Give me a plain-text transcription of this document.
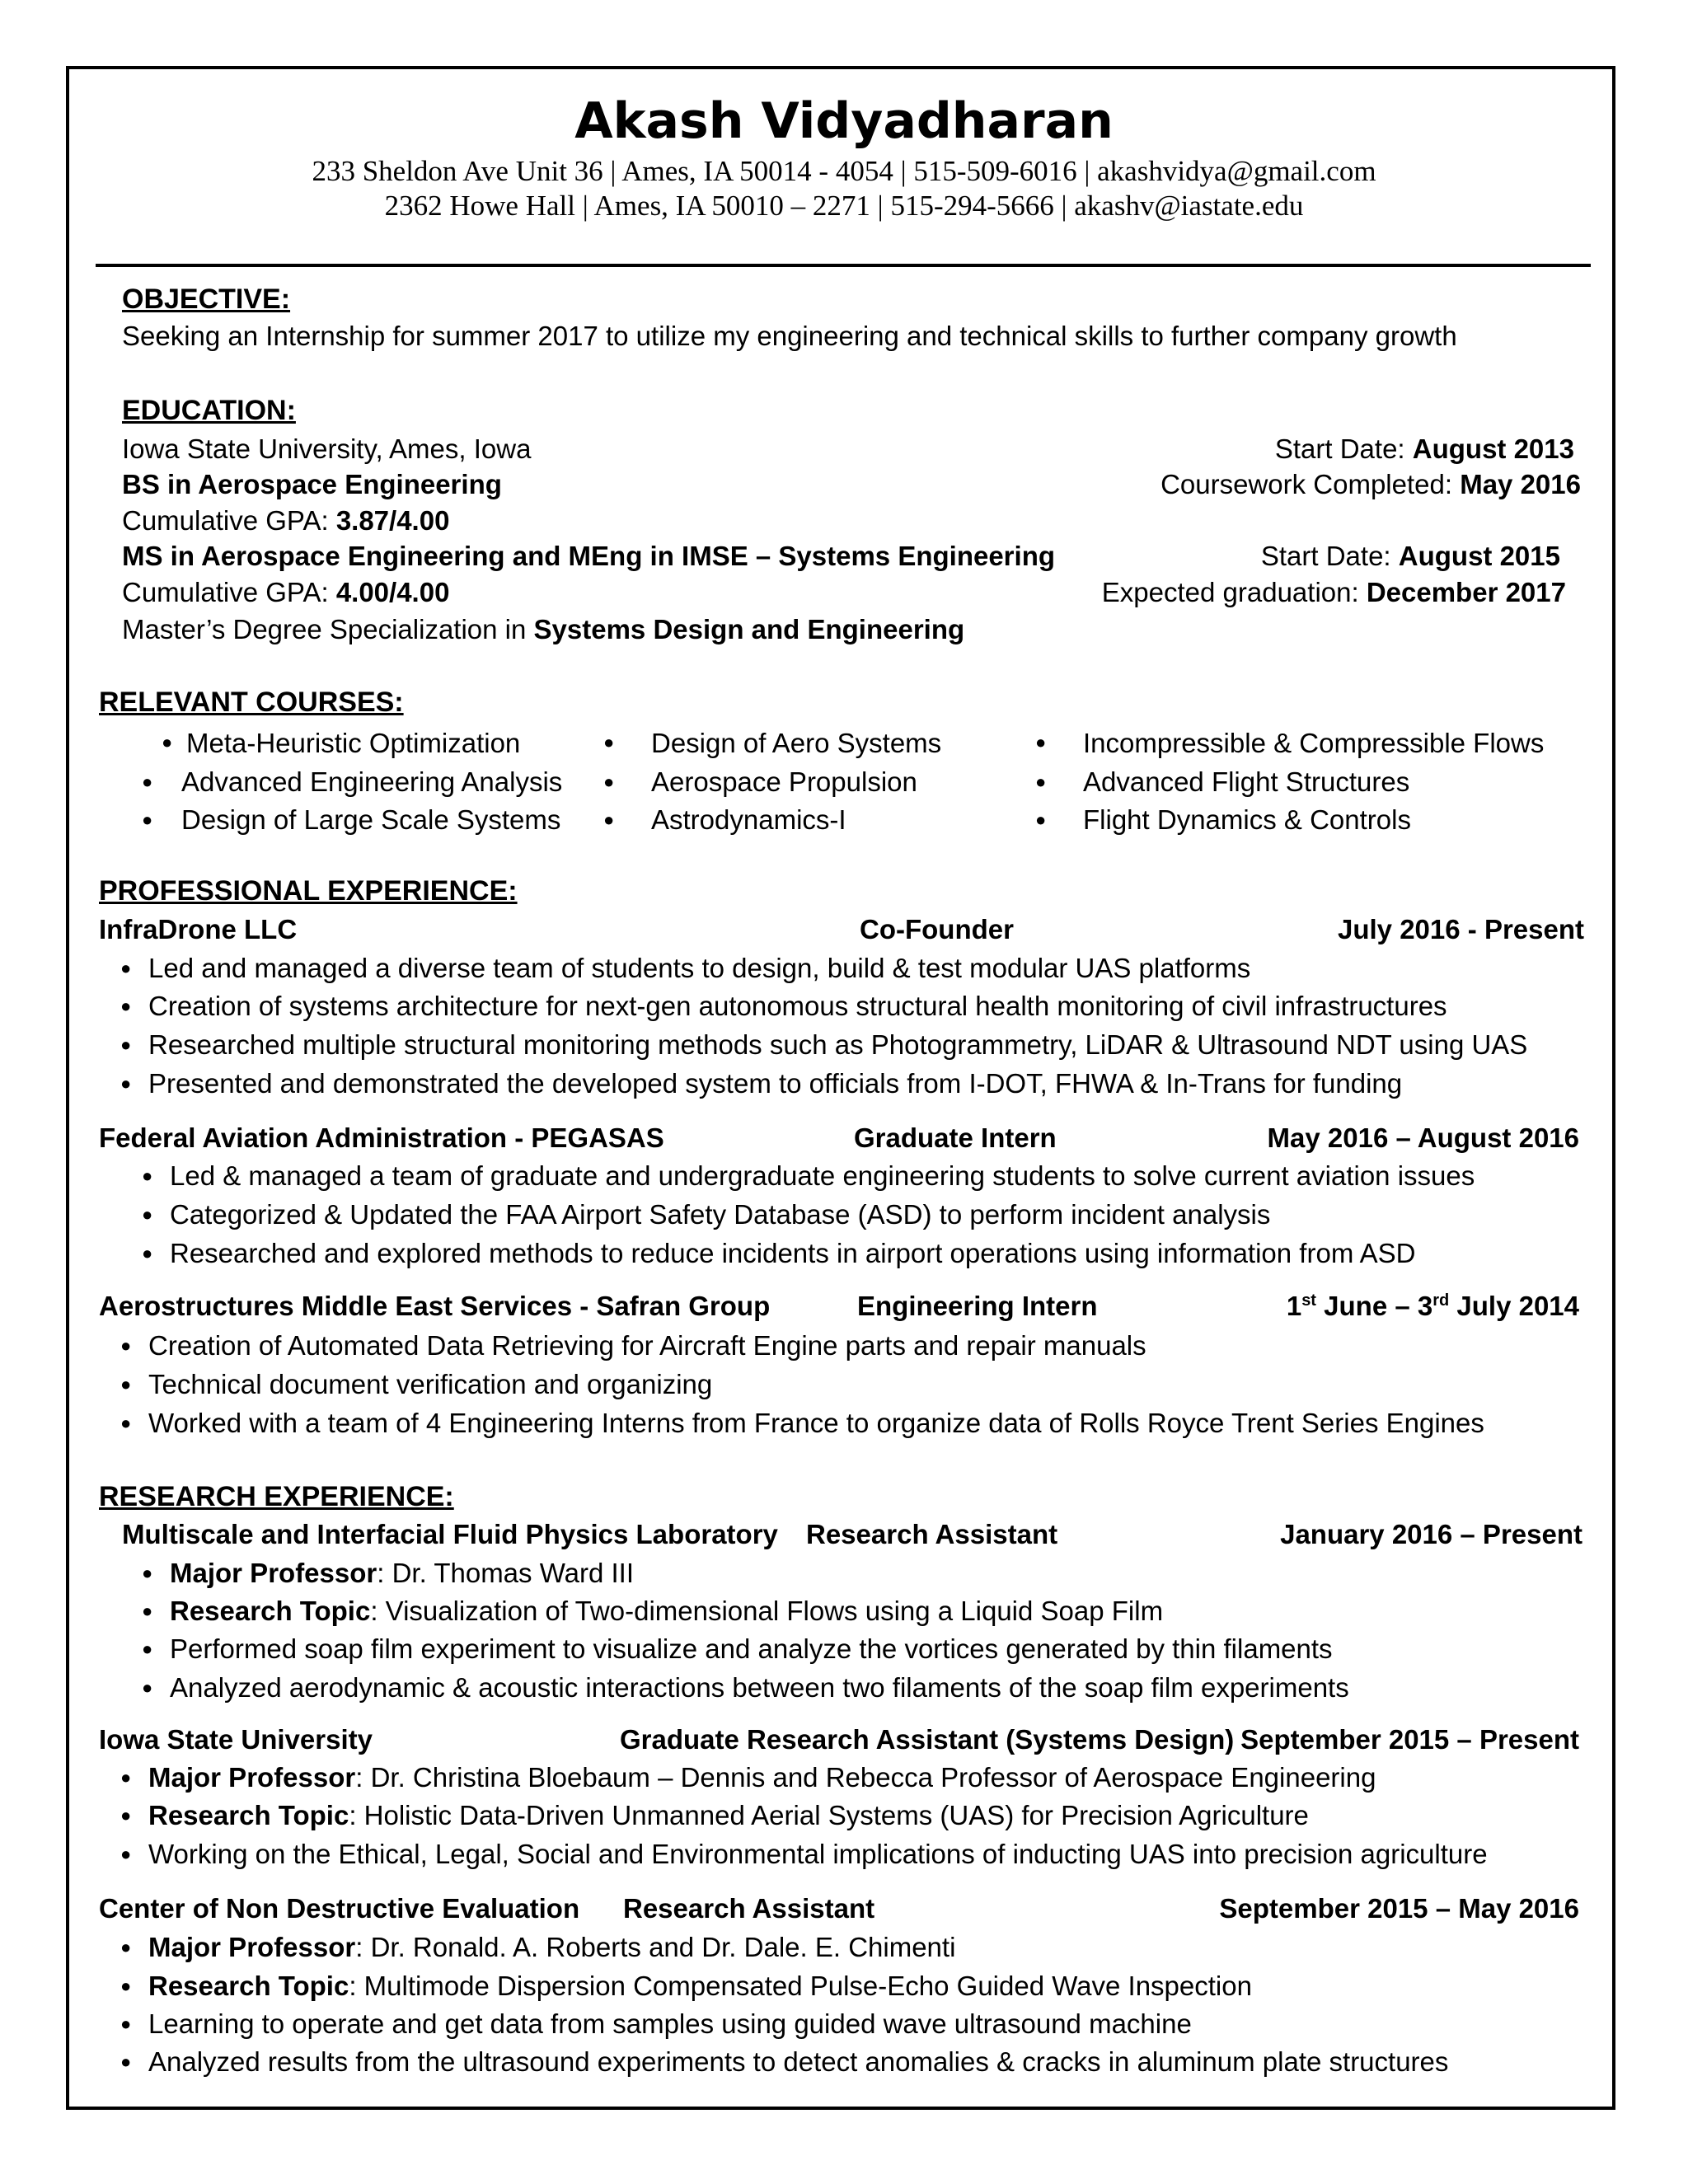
Akash Vidyadharan
233 Sheldon Ave Unit 36 | Ames, IA 50014 - 4054 | 515-509-6016 | akashvidya@gmail.com
2362 Howe Hall | Ames, IA 50010 – 2271 | 515-294-5666 | akashv@iastate.edu
OBJECTIVE:
Seeking an Internship for summer 2017 to utilize my engineering and technical skills to further company growth
EDUCATION:
Iowa State University, Ames, Iowa	Start Date: August 2013
BS in Aerospace Engineering	Coursework Completed: May 2016
Cumulative GPA: 3.87/4.00
MS in Aerospace Engineering and MEng in IMSE – Systems Engineering	Start Date: August 2015
Cumulative GPA: 4.00/4.00	Expected graduation: December 2017
Master’s Degree Specialization in Systems Design and Engineering
RELEVANT COURSES:
● Meta-Heuristic Optimization
● Advanced Engineering Analysis
● Design of Large Scale Systems
● Design of Aero Systems
● Aerospace Propulsion
● Astrodynamics-I
● Incompressible & Compressible Flows
● Advanced Flight Structures
● Flight Dynamics & Controls
PROFESSIONAL EXPERIENCE:
InfraDrone LLC	Co-Founder	July 2016 - Present
● Led and managed a diverse team of students to design, build & test modular UAS platforms
● Creation of systems architecture for next-gen autonomous structural health monitoring of civil infrastructures
● Researched multiple structural monitoring methods such as Photogrammetry, LiDAR & Ultrasound NDT using UAS
● Presented and demonstrated the developed system to officials from I-DOT, FHWA & In-Trans for funding
Federal Aviation Administration - PEGASAS	Graduate Intern	May 2016 – August 2016
● Led & managed a team of graduate and undergraduate engineering students to solve current aviation issues
● Categorized & Updated the FAA Airport Safety Database (ASD) to perform incident analysis
● Researched and explored methods to reduce incidents in airport operations using information from ASD
Aerostructures Middle East Services - Safran Group	Engineering Intern	1st June – 3rd July 2014
● Creation of Automated Data Retrieving for Aircraft Engine parts and repair manuals
● Technical document verification and organizing
● Worked with a team of 4 Engineering Interns from France to organize data of Rolls Royce Trent Series Engines
RESEARCH EXPERIENCE:
Multiscale and Interfacial Fluid Physics Laboratory Research Assistant	January 2016 – Present
● Major Professor: Dr. Thomas Ward III
● Research Topic: Visualization of Two-dimensional Flows using a Liquid Soap Film
● Performed soap film experiment to visualize and analyze the vortices generated by thin filaments
● Analyzed aerodynamic & acoustic interactions between two filaments of the soap film experiments
Iowa State University	Graduate Research Assistant (Systems Design) September 2015 – Present
● Major Professor: Dr. Christina Bloebaum – Dennis and Rebecca Professor of Aerospace Engineering
● Research Topic: Holistic Data-Driven Unmanned Aerial Systems (UAS) for Precision Agriculture
● Working on the Ethical, Legal, Social and Environmental implications of inducting UAS into precision agriculture
Center of Non Destructive Evaluation Research Assistant	September 2015 – May 2016
● Major Professor: Dr. Ronald. A. Roberts and Dr. Dale. E. Chimenti
● Research Topic: Multimode Dispersion Compensated Pulse-Echo Guided Wave Inspection
● Learning to operate and get data from samples using guided wave ultrasound machine
● Analyzed results from the ultrasound experiments to detect anomalies & cracks in aluminum plate structures
